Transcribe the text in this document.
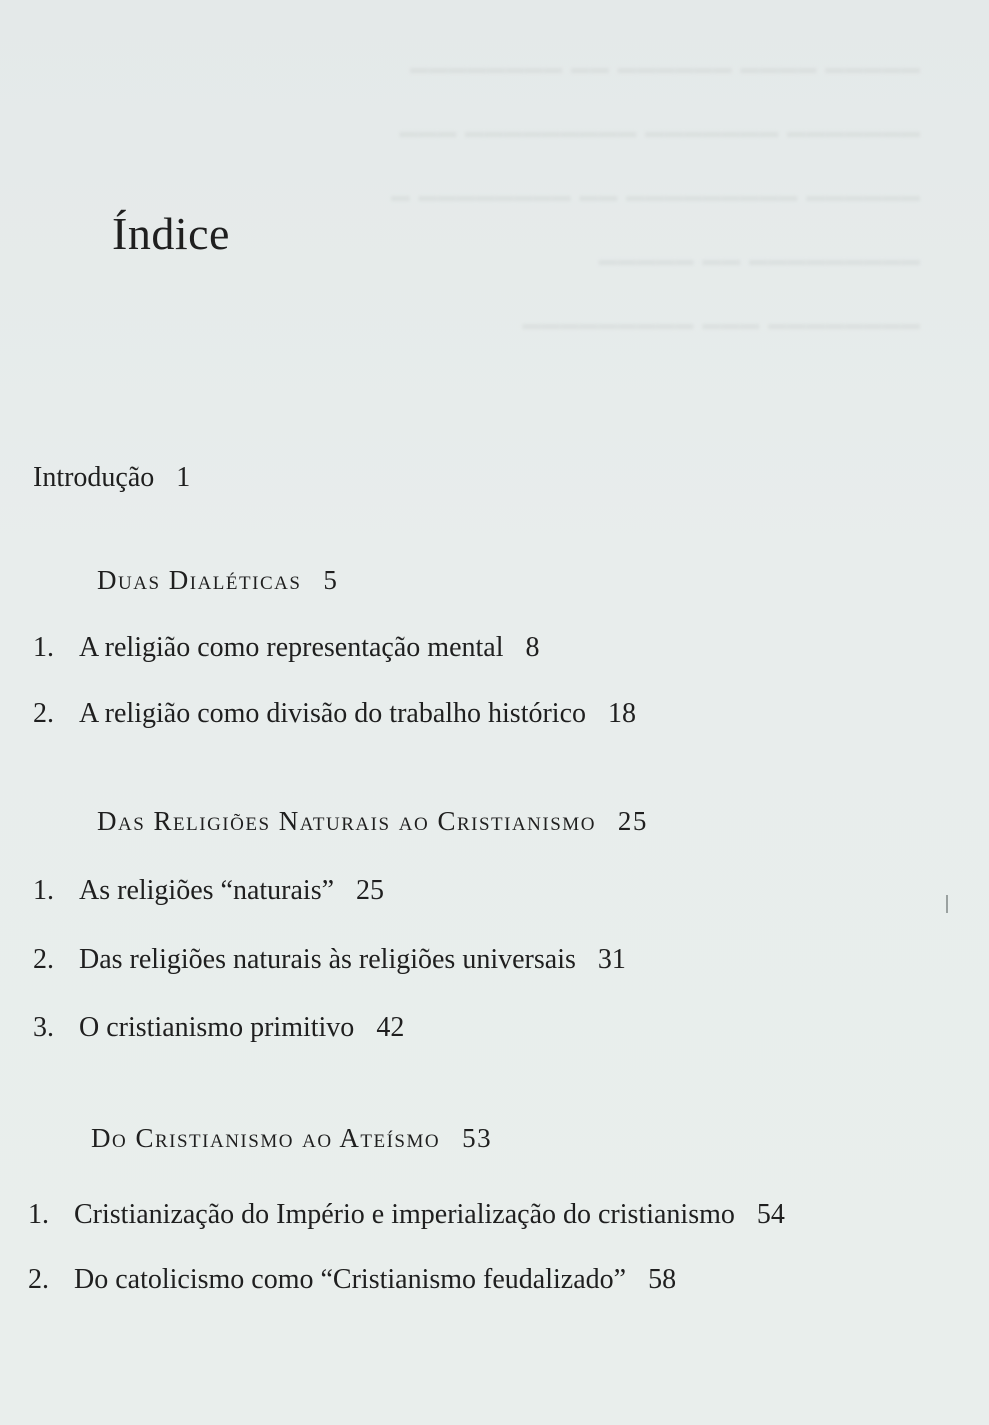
━━━━━ ━━━━ ━━━━━━ ━━ ━━━━━━━━
━━━━━━━ ━━━━━━━ ━━━━━━━━━ ━━━
━━━━━━ ━━━━━━━━━ ━━ ━━━━━━━━ ━
━━━━━━━━━ ━━ ━━━━━
━━━━━━━━ ━━━ ━━━━━━━━━
Índice
Introdução 1
Duas Dialéticas 5
1. A religião como representação mental 8
2. A religião como divisão do trabalho histórico 18
Das Religiões Naturais ao Cristianismo 25
1. As religiões “naturais” 25
2. Das religiões naturais às religiões universais 31
3. O cristianismo primitivo 42
Do Cristianismo ao Ateísmo 53
1. Cristianização do Império e imperialização do cristianismo 54
2. Do catolicismo como “Cristianismo feudalizado” 58
